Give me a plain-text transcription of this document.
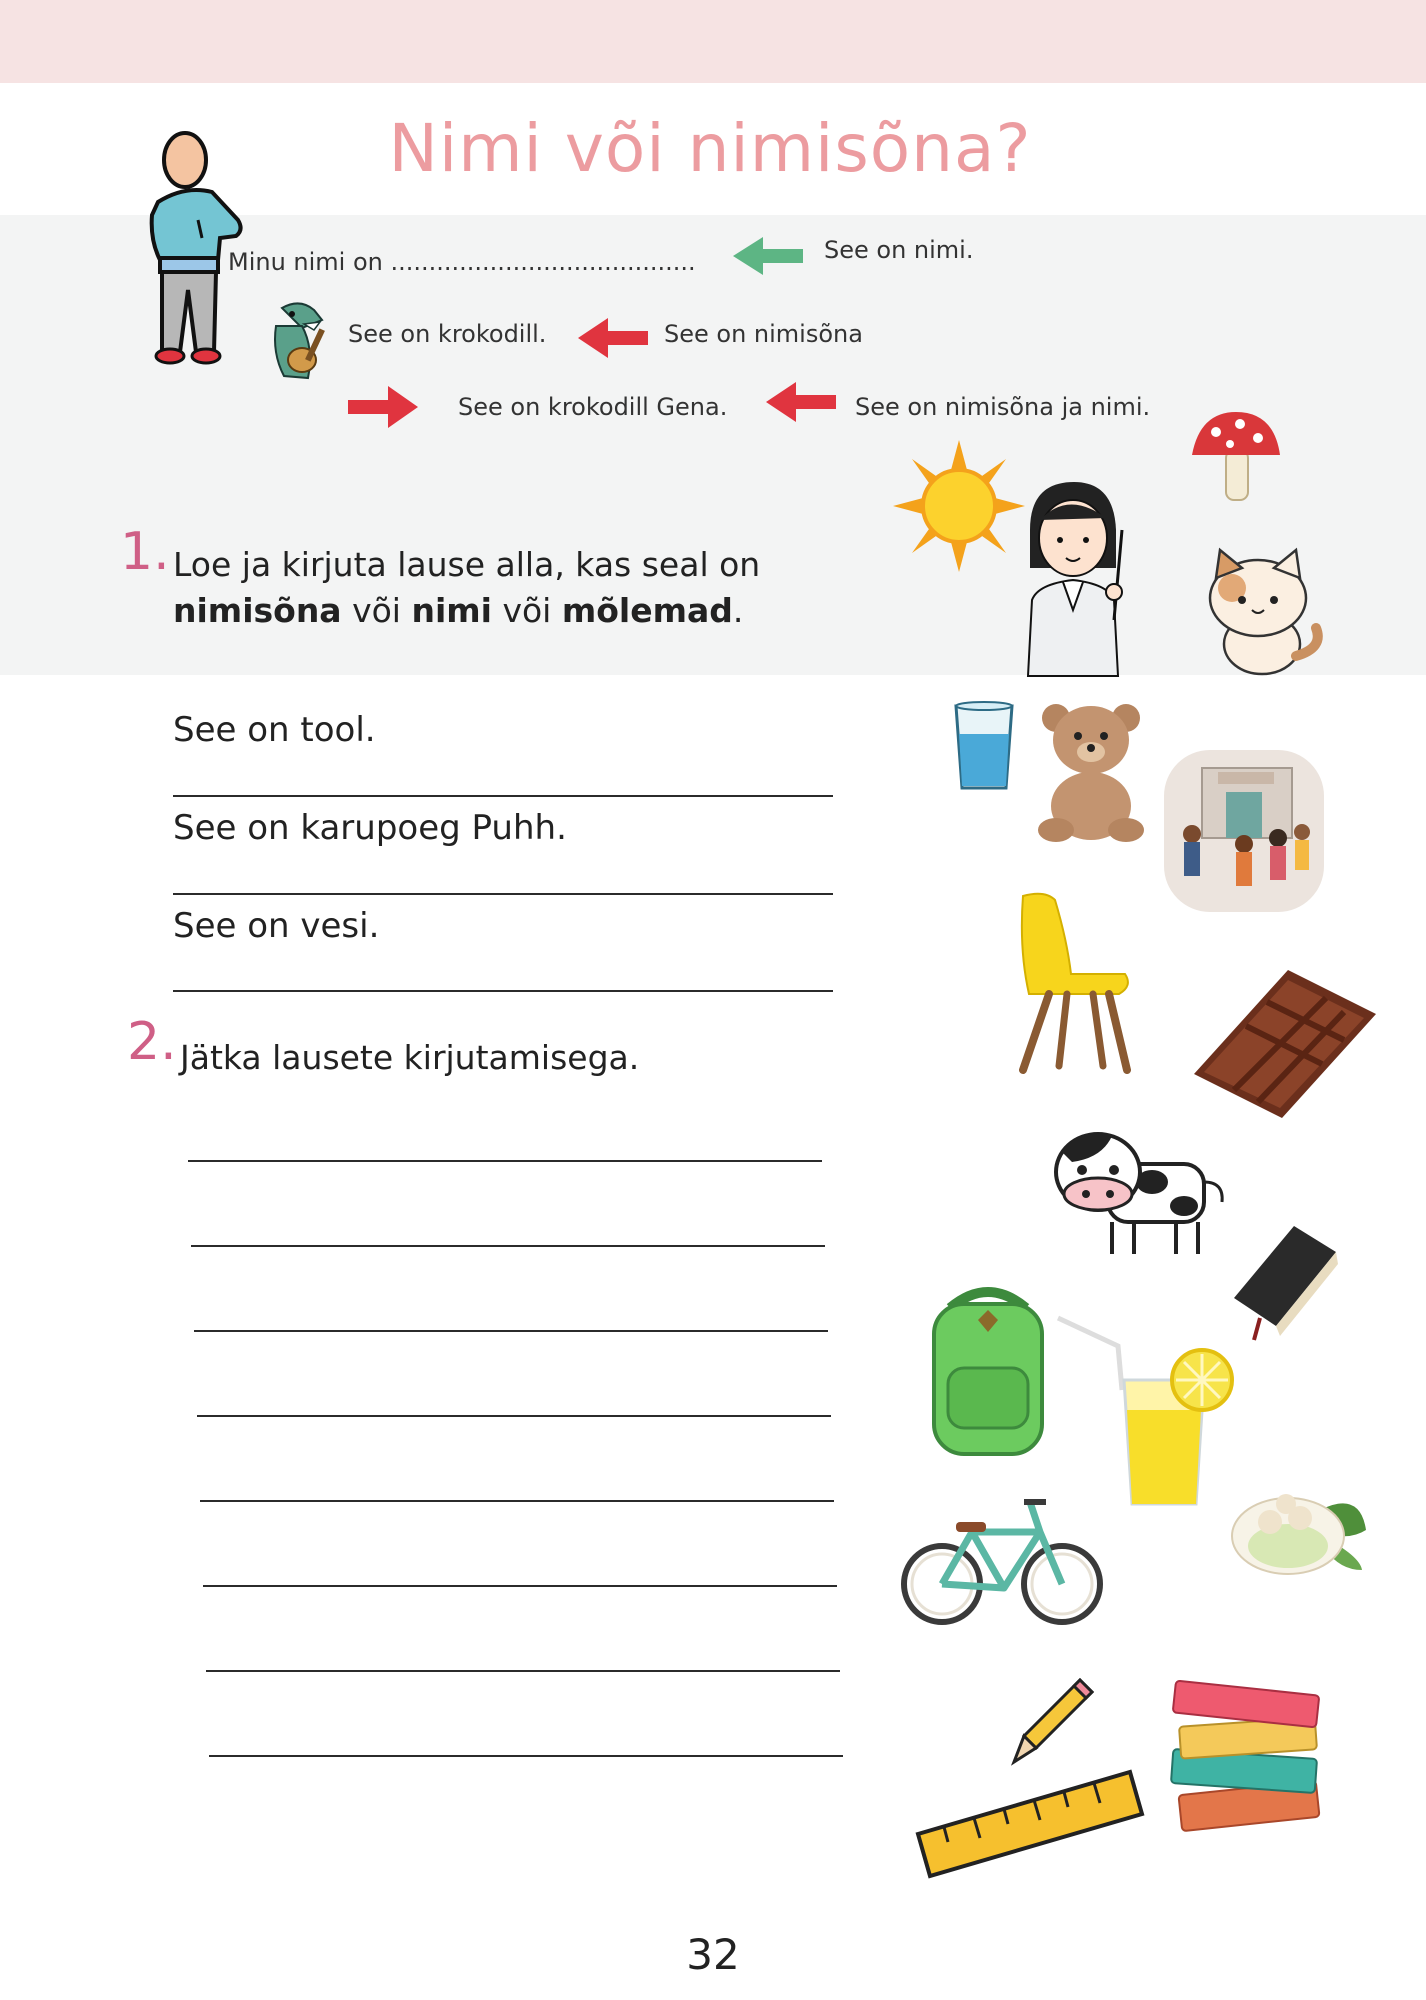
Nimi või nimisõna?
Minu nimi on ........................................	See on nimi.
See on krokodill.	See on nimisõna
See on krokodill Gena.	See on nimisõna ja nimi.
1. Loe ja kirjuta lause alla, kas seal on
nimisõna või nimi või mõlemad.
See on tool.
See on karupoeg Puhh.
See on vesi.
2. Jätka lausete kirjutamisega.
32
